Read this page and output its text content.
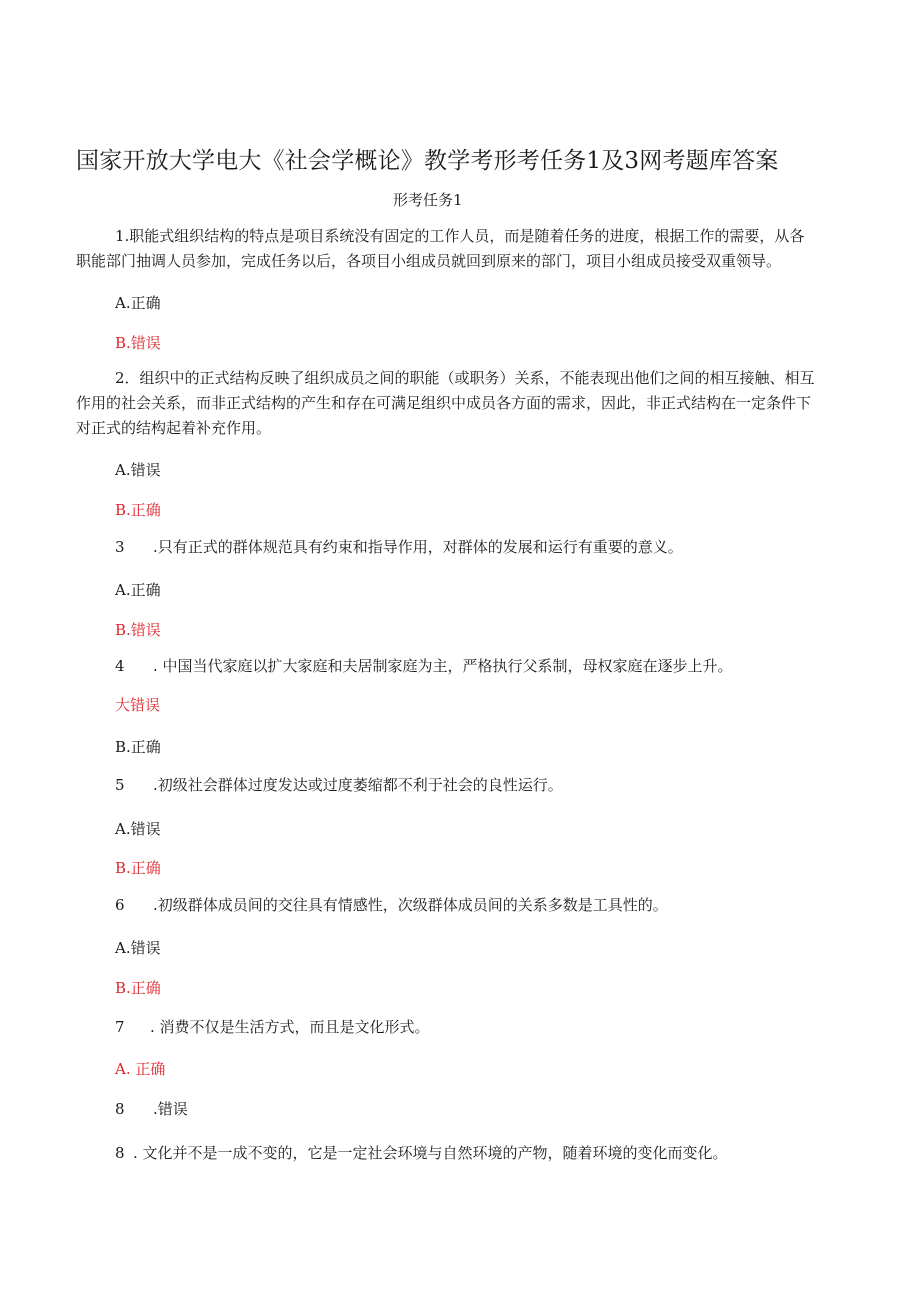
国家开放大学电大《社会学概论》教学考形考任务1及3网考题库答案
形考任务1
1.职能式组织结构的特点是项目系统没有固定的工作人员，而是随着任务的进度，根据工作的需要，从各
职能部门抽调人员参加，完成任务以后，各项目小组成员就回到原来的部门，项目小组成员接受双重领导。
A.正确
B.错误
2．组织中的正式结构反映了组织成员之间的职能（或职务）关系，不能表现出他们之间的相互接触、相互
作用的社会关系，而非正式结构的产生和存在可满足组织中成员各方面的需求，因此，非正式结构在一定条件下
对正式的结构起着补充作用。
A.错误
B.正确
3 .只有正式的群体规范具有约束和指导作用，对群体的发展和运行有重要的意义。
A.正确
B.错误
4 . 中国当代家庭以扩大家庭和夫居制家庭为主，严格执行父系制，母权家庭在逐步上升。
大错误
B.正确
5 .初级社会群体过度发达或过度萎缩都不利于社会的良性运行。
A.错误
B.正确
6 .初级群体成员间的交往具有情感性，次级群体成员间的关系多数是工具性的。
A.错误
B.正确
7 . 消费不仅是生活方式，而且是文化形式。
A. 正确
8 .错误
8 . 文化并不是一成不变的，它是一定社会环境与自然环境的产物，随着环境的变化而变化。
